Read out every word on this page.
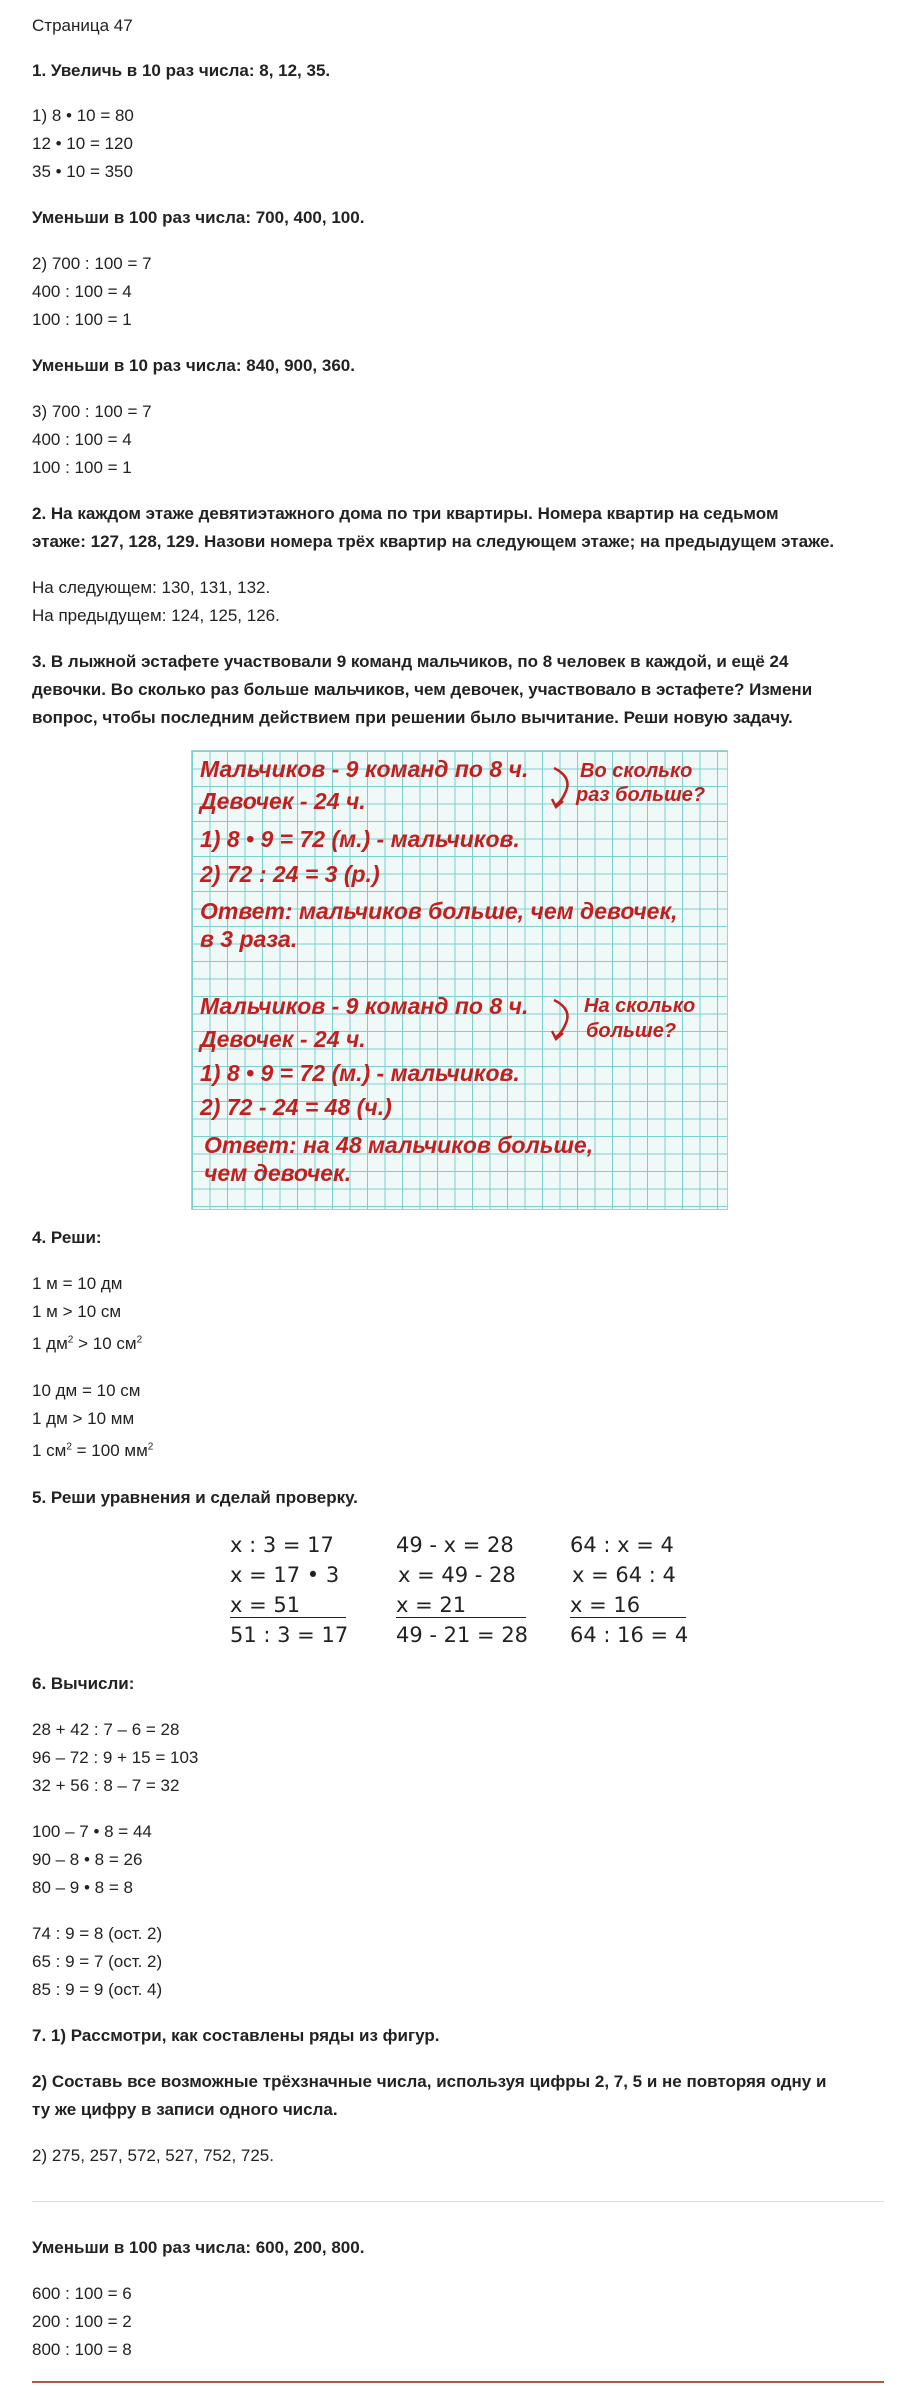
Страница 47
1. Увеличь в 10 раз числа: 8, 12, 35.
1) 8 • 10 = 80
12 • 10 = 120
35 • 10 = 350
Уменьши в 100 раз числа: 700, 400, 100.
2) 700 : 100 = 7
400 : 100 = 4
100 : 100 = 1
Уменьши в 10 раз числа: 840, 900, 360.
3) 700 : 100 = 7
400 : 100 = 4
100 : 100 = 1
2. На каждом этаже девятиэтажного дома по три квартиры. Номера квартир на седьмом
этаже: 127, 128, 129. Назови номера трёх квартир на следующем этаже; на предыдущем этаже.
На следующем: 130, 131, 132.
На предыдущем: 124, 125, 126.
3. В лыжной эстафете участвовали 9 команд мальчиков, по 8 человек в каждой, и ещё 24
девочки. Во сколько раз больше мальчиков, чем девочек, участвовало в эстафете? Измени
вопрос, чтобы последним действием при решении было вычитание. Реши новую задачу.
Мальчиков - 9 команд по 8 ч.
Девочек - 24 ч.
Во сколько
раз больше?
1) 8 • 9 = 72 (м.) - мальчиков.
2) 72 : 24 = 3 (р.)
Ответ: мальчиков больше, чем девочек,
в 3 раза.
Мальчиков - 9 команд по 8 ч.
Девочек - 24 ч.
На сколько
больше?
1) 8 • 9 = 72 (м.) - мальчиков.
2) 72 - 24 = 48 (ч.)
Ответ: на 48 мальчиков больше,
чем девочек.
4. Реши:
1 м = 10 дм
1 м > 10 см
1 $дм^2 > 10$ $см^2$
10 дм = 10 см
1 дм > 10 мм
1 $см^2 = 100$ $мм^2$
5. Реши уравнения и сделай проверку.
х : 3 = 17
х = 17 • 3
х = 51
51 : 3 = 17
49 - х = 28
х = 49 - 28
х = 21
49 - 21 = 28
64 : х = 4
х = 64 : 4
х = 16
64 : 16 = 4
6. Вычисли:
28 + 42 : 7 – 6 = 28
96 – 72 : 9 + 15 = 103
32 + 56 : 8 – 7 = 32
100 – 7 • 8 = 44
90 – 8 • 8 = 26
80 – 9 • 8 = 8
74 : 9 = 8 (ост. 2)
65 : 9 = 7 (ост. 2)
85 : 9 = 9 (ост. 4)
7. 1) Рассмотри, как составлены ряды из фигур.
2) Составь все возможные трёхзначные числа, используя цифры 2, 7, 5 и не повторяя одну и
ту же цифру в записи одного числа.
2) 275, 257, 572, 527, 752, 725.
Уменьши в 100 раз числа: 600, 200, 800.
600 : 100 = 6
200 : 100 = 2
800 : 100 = 8
